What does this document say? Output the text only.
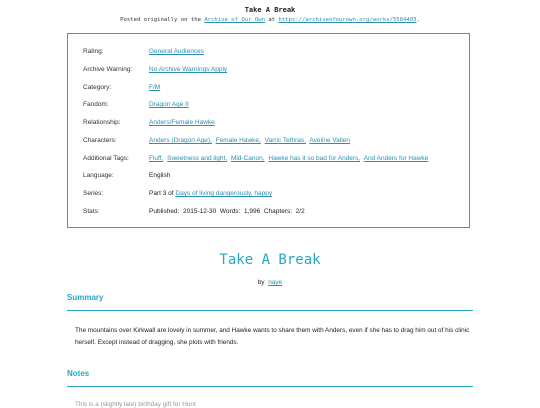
Take A Break
Posted originally on the Archive of Our Own at https://archiveofourown.org/works/5584403.
Rating:	General Audiences
Archive Warning:	No Archive Warnings Apply
Category:	F/M
Fandom:	Dragon Age II
Relationship:	Anders/Female Hawke
Characters:	Anders (Dragon Age), Female Hawke, Varric Tethras, Aveline Vallen
Additional Tags:	Fluff, Sweetness and light, Mid-Canon, Hawke has it so bad for Anders, And Anders for Hawke
Language:	English
Series:	Part 3 of Days of living dangerously, happy
Stats:	Published: 2015-12-30 Words: 1,996 Chapters: 2/2
Take A Break
by naye
Summary
The mountains over Kirkwall are lovely in summer, and Hawke wants to share them with Anders, even if she has to drag him out of his clinic herself. Except instead of dragging, she plots with friends.
Notes
This is a (slightly late) birthday gift for Hunt
